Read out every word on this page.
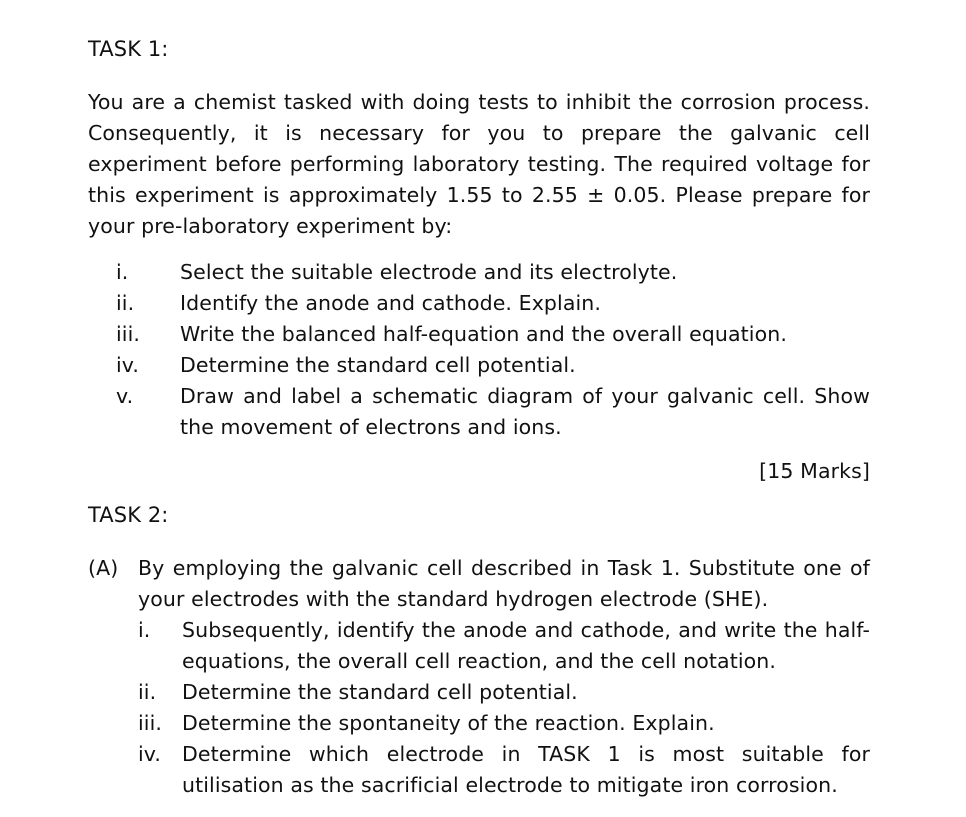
TASK 1:

You are a chemist tasked with doing tests to inhibit the corrosion process. Consequently, it is necessary for you to prepare the galvanic cell experiment before performing laboratory testing. The required voltage for this experiment is approximately 1.55 to 2.55 ± 0.05. Please prepare for your pre-laboratory experiment by:

i.	Select the suitable electrode and its electrolyte.
ii.	Identify the anode and cathode. Explain.
iii.	Write the balanced half-equation and the overall equation.
iv.	Determine the standard cell potential.
v.	Draw and label a schematic diagram of your galvanic cell. Show the movement of electrons and ions.
[15 Marks]
TASK 2:
(A) By employing the galvanic cell described in Task 1. Substitute one of your electrodes with the standard hydrogen electrode (SHE).
i.	Subsequently, identify the anode and cathode, and write the half-equations, the overall cell reaction, and the cell notation.
ii.	Determine the standard cell potential.
iii. Determine the spontaneity of the reaction. Explain.
iv.	Determine which electrode in TASK 1 is most suitable for utilisation as the sacrificial electrode to mitigate iron corrosion.
